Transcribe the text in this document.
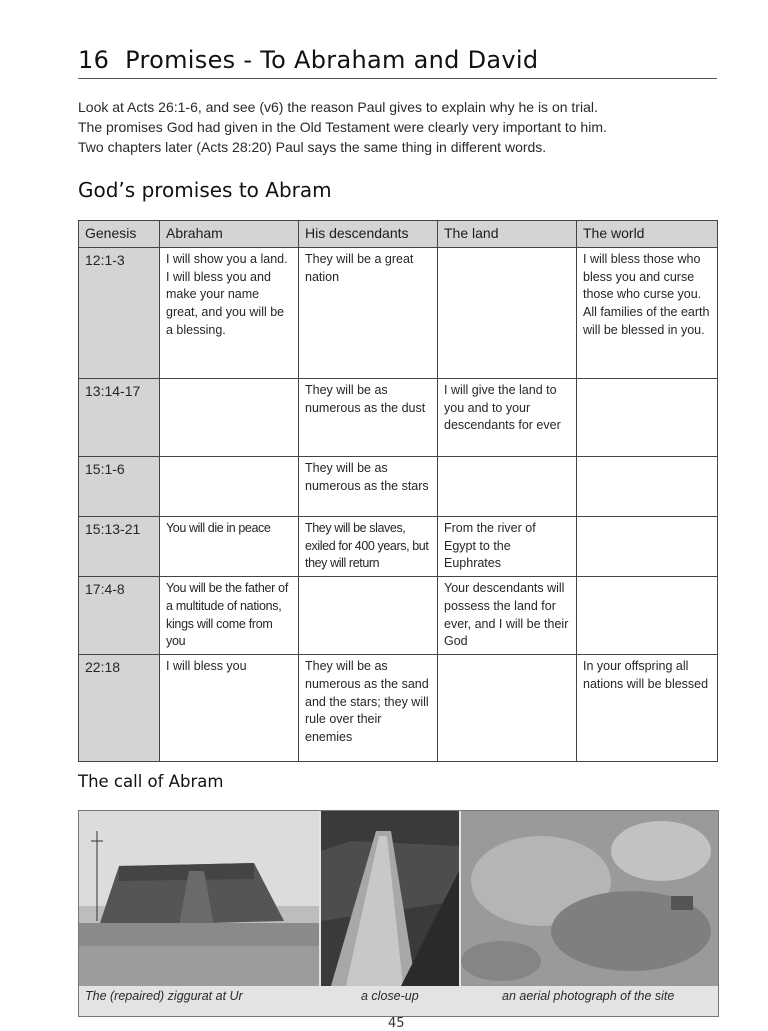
16 Promises - To Abraham and David
Look at Acts 26:1-6, and see (v6) the reason Paul gives to explain why he is on trial.
The promises God had given in the Old Testament were clearly very important to him.
Two chapters later (Acts 28:20) Paul says the same thing in different words.
God’s promises to Abram
Genesis	Abraham	His descendants	The land	The world
12:1-3	I will show you a land. I will bless you and make your name great, and you will be a blessing.	They will be a great nation		I will bless those who bless you and curse those who curse you. All families of the earth will be blessed in you.
13:14-17		They will be as numerous as the dust	I will give the land to you and to your descendants for ever	
15:1-6		They will be as numerous as the stars		
15:13-21	You will die in peace	They will be slaves, exiled for 400 years, but they will return	From the river of Egypt to the Euphrates	
17:4-8	You will be the father of a multitude of nations, kings will come from you		Your descendants will possess the land for ever, and I will be their God	
22:18	I will bless you	They will be as numerous as the sand and the stars; they will rule over their enemies		In your offspring all nations will be blessed
The call of Abram
The (repaired) ziggurat at Ur	a close-up	an aerial photograph of the site
45
